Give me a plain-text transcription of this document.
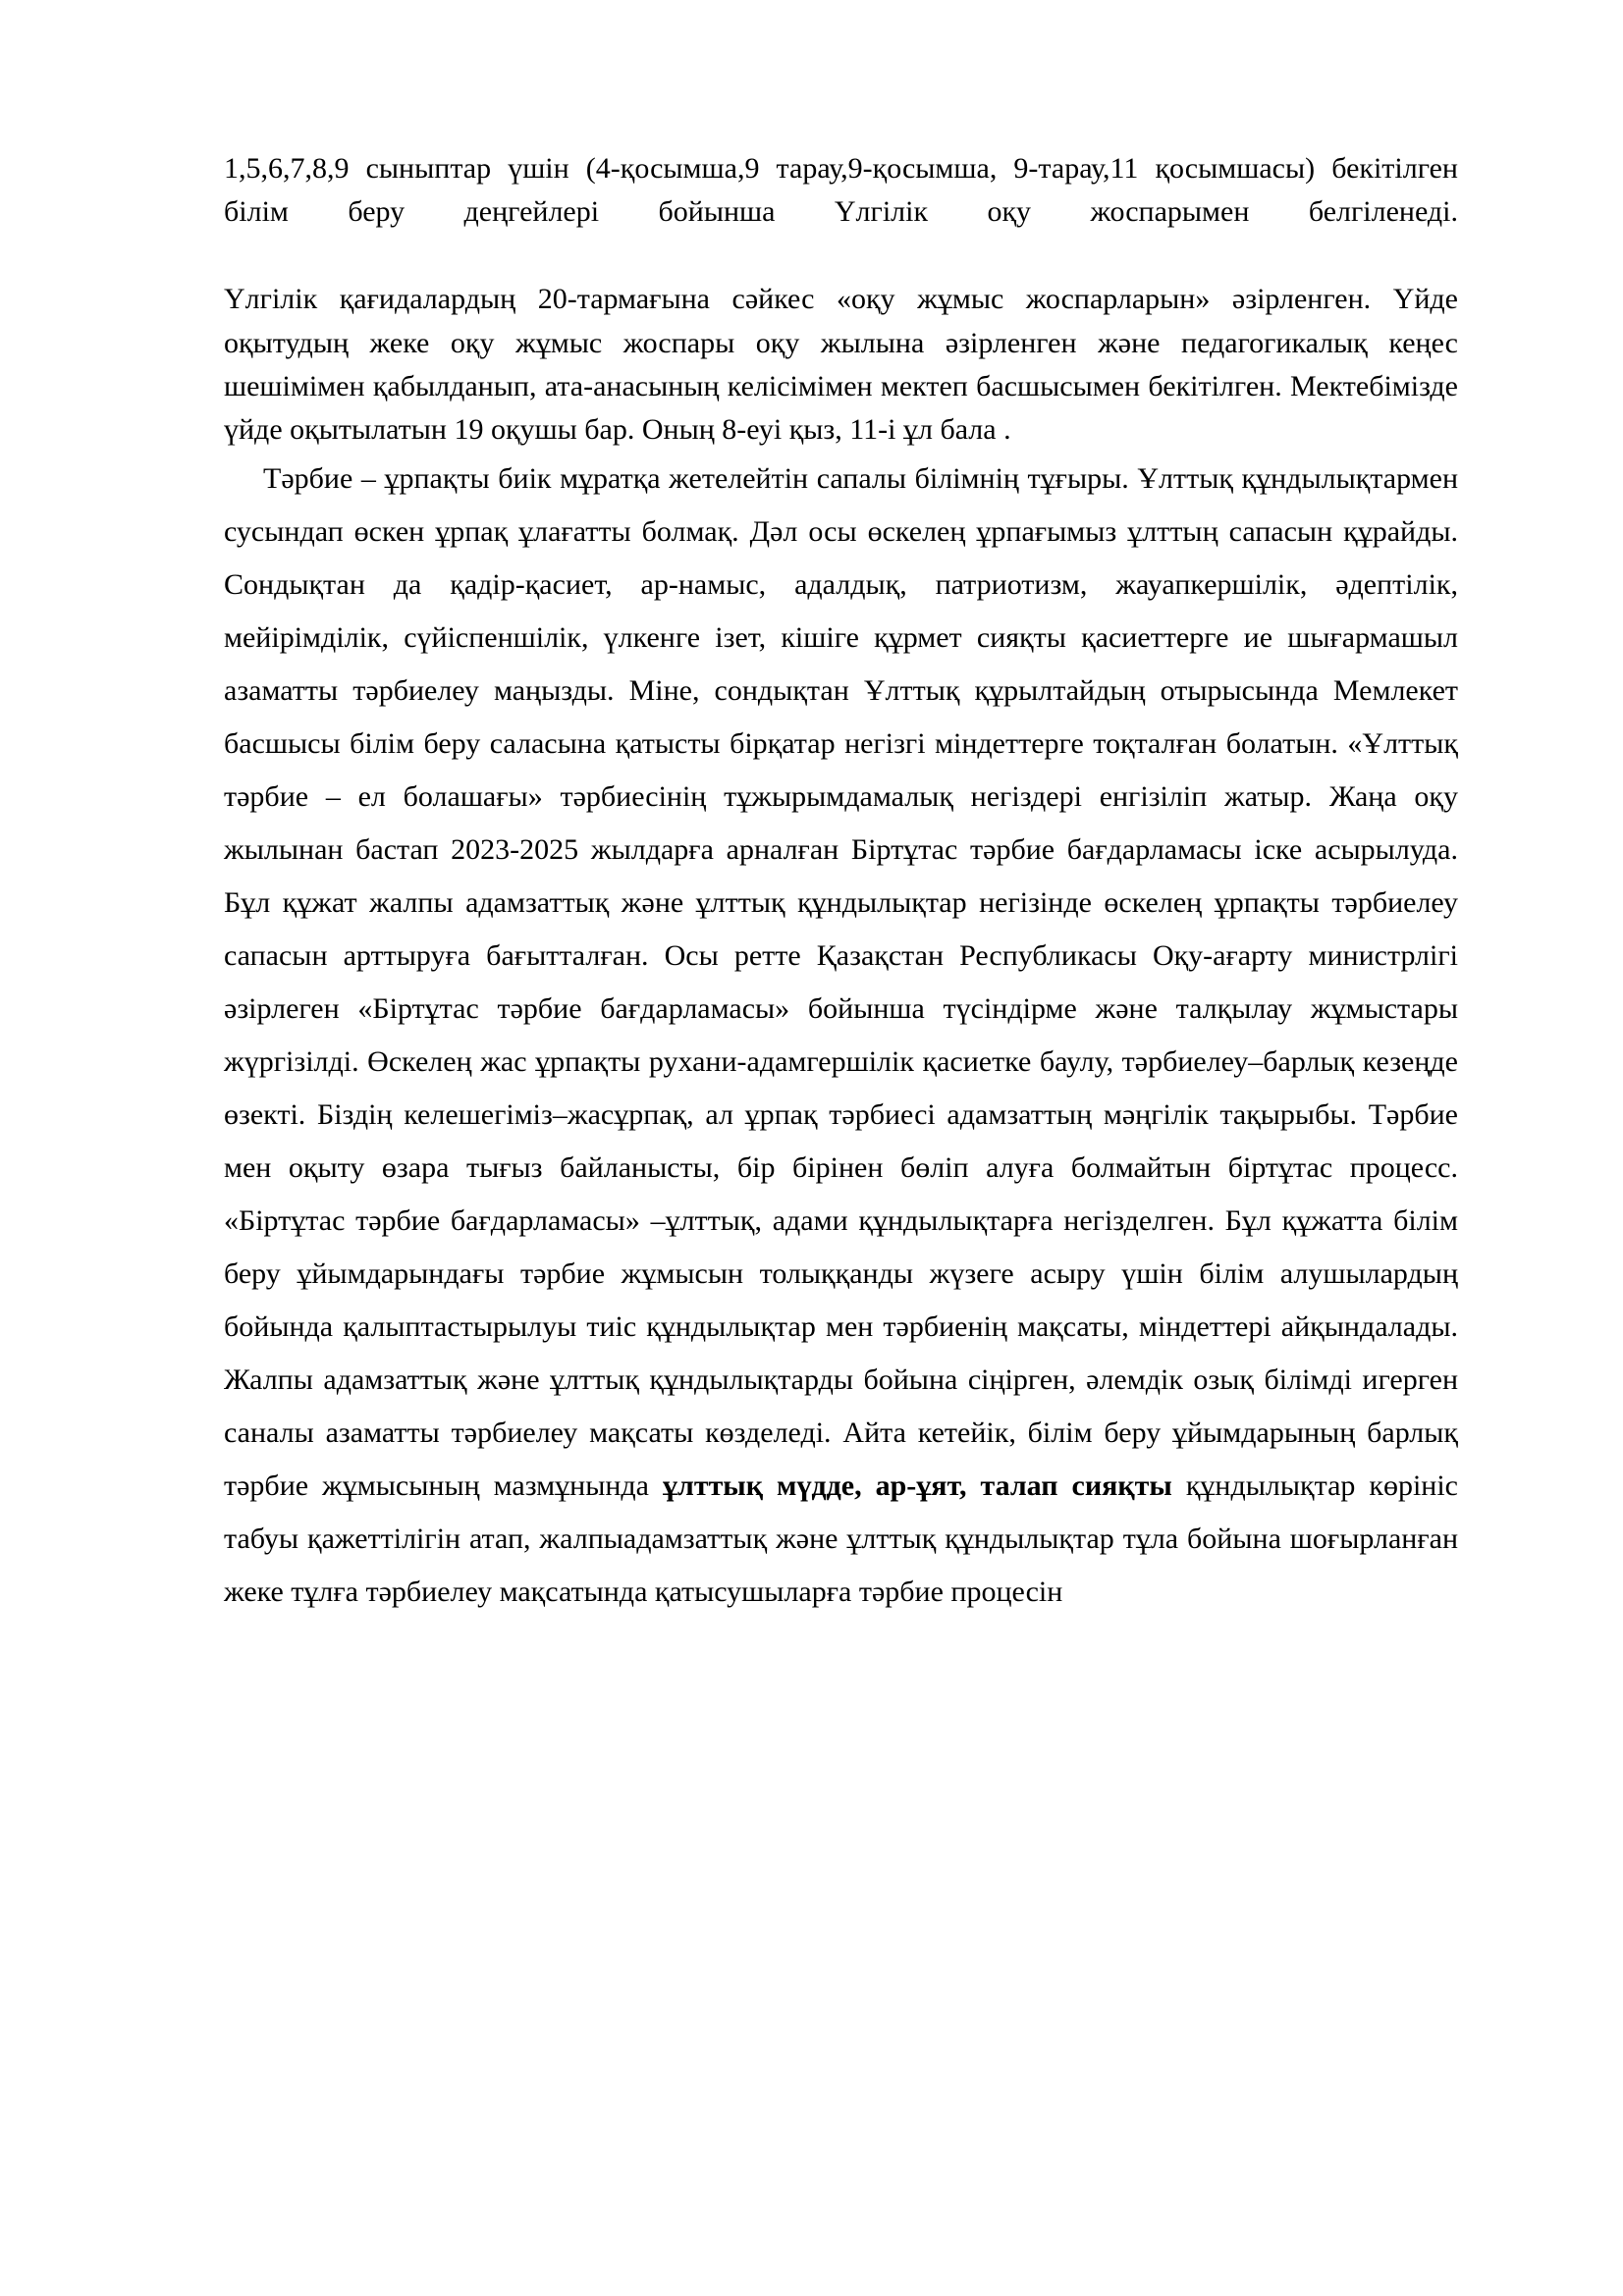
1,5,6,7,8,9 сыныптар үшін (4-қосымша,9 тарау,9-қосымша, 9-тарау,11 қосымшасы) бекітілген білім беру деңгейлері бойынша Үлгілік оқу жоспарымен белгіленеді.

Үлгілік қағидалардың 20-тармағына сәйкес «оқу жұмыс жоспарларын» әзірленген. Үйде оқытудың жеке оқу жұмыс жоспары оқу жылына әзірленген және педагогикалық кеңес шешімімен қабылданып, ата-анасының келісімімен мектеп басшысымен бекітілген. Мектебімізде үйде оқытылатын 19 оқушы бар. Оның 8-еуі қыз, 11-і ұл бала .

Тәрбие – ұрпақты биік мұратқа жетелейтін сапалы білімнің тұғыры. Ұлттық құндылықтармен сусындап өскен ұрпақ ұлағатты болмақ. Дәл осы өскелең ұрпағымыз ұлттың сапасын құрайды. Сондықтан да қадір-қасиет, ар-намыс, адалдық, патриотизм, жауапкершілік, әдептілік, мейірімділік, сүйіспеншілік, үлкенге ізет, кішіге құрмет сияқты қасиеттерге ие шығармашыл азаматты тәрбиелеу маңызды. Міне, сондықтан Ұлттық құрылтайдың отырысында Мемлекет басшысы білім беру саласына қатысты бірқатар негізгі міндеттерге тоқталған болатын. «Ұлттық тәрбие – ел болашағы» тәрбиесінің тұжырымдамалық негіздері енгізіліп жатыр. Жаңа оқу жылынан бастап 2023-2025 жылдарға арналған Біртұтас тәрбие бағдарламасы іске асырылуда. Бұл құжат жалпы адамзаттық және ұлттық құндылықтар негізінде өскелең ұрпақты тәрбиелеу сапасын арттыруға бағытталған. Осы ретте Қазақстан Республикасы Оқу-ағарту министрлігі әзірлеген «Біртұтас тәрбие бағдарламасы» бойынша түсіндірме және талқылау жұмыстары жүргізілді. Өскелең жас ұрпақты рухани-адамгершілік қасиетке баулу, тәрбиелеу–барлық кезеңде өзекті. Біздің келешегіміз–жасұрпақ, ал ұрпақ тәрбиесі адамзаттың мәңгілік тақырыбы. Тәрбие мен оқыту өзара тығыз байланысты, бір бірінен бөліп алуға болмайтын біртұтас процесс. «Біртұтас тәрбие бағдарламасы» –ұлттық, адами құндылықтарға негізделген. Бұл құжатта білім беру ұйымдарындағы тәрбие жұмысын толыққанды жүзеге асыру үшін білім алушылардың бойында қалыптастырылуы тиіс құндылықтар мен тәрбиенің мақсаты, міндеттері айқындалады. Жалпы адамзаттық және ұлттық құндылықтарды бойына сіңірген, әлемдік озық білімді игерген саналы азаматты тәрбиелеу мақсаты көзделеді. Айта кетейік, білім беру ұйымдарының барлық тәрбие жұмысының мазмұнында ұлттық мүдде, ар-ұят, талап сияқты құндылықтар көрініс табуы қажеттілігін атап, жалпыадамзаттық және ұлттық құндылықтар тұла бойына шоғырланған жеке тұлға тәрбиелеу мақсатында қатысушыларға тәрбие процесін
